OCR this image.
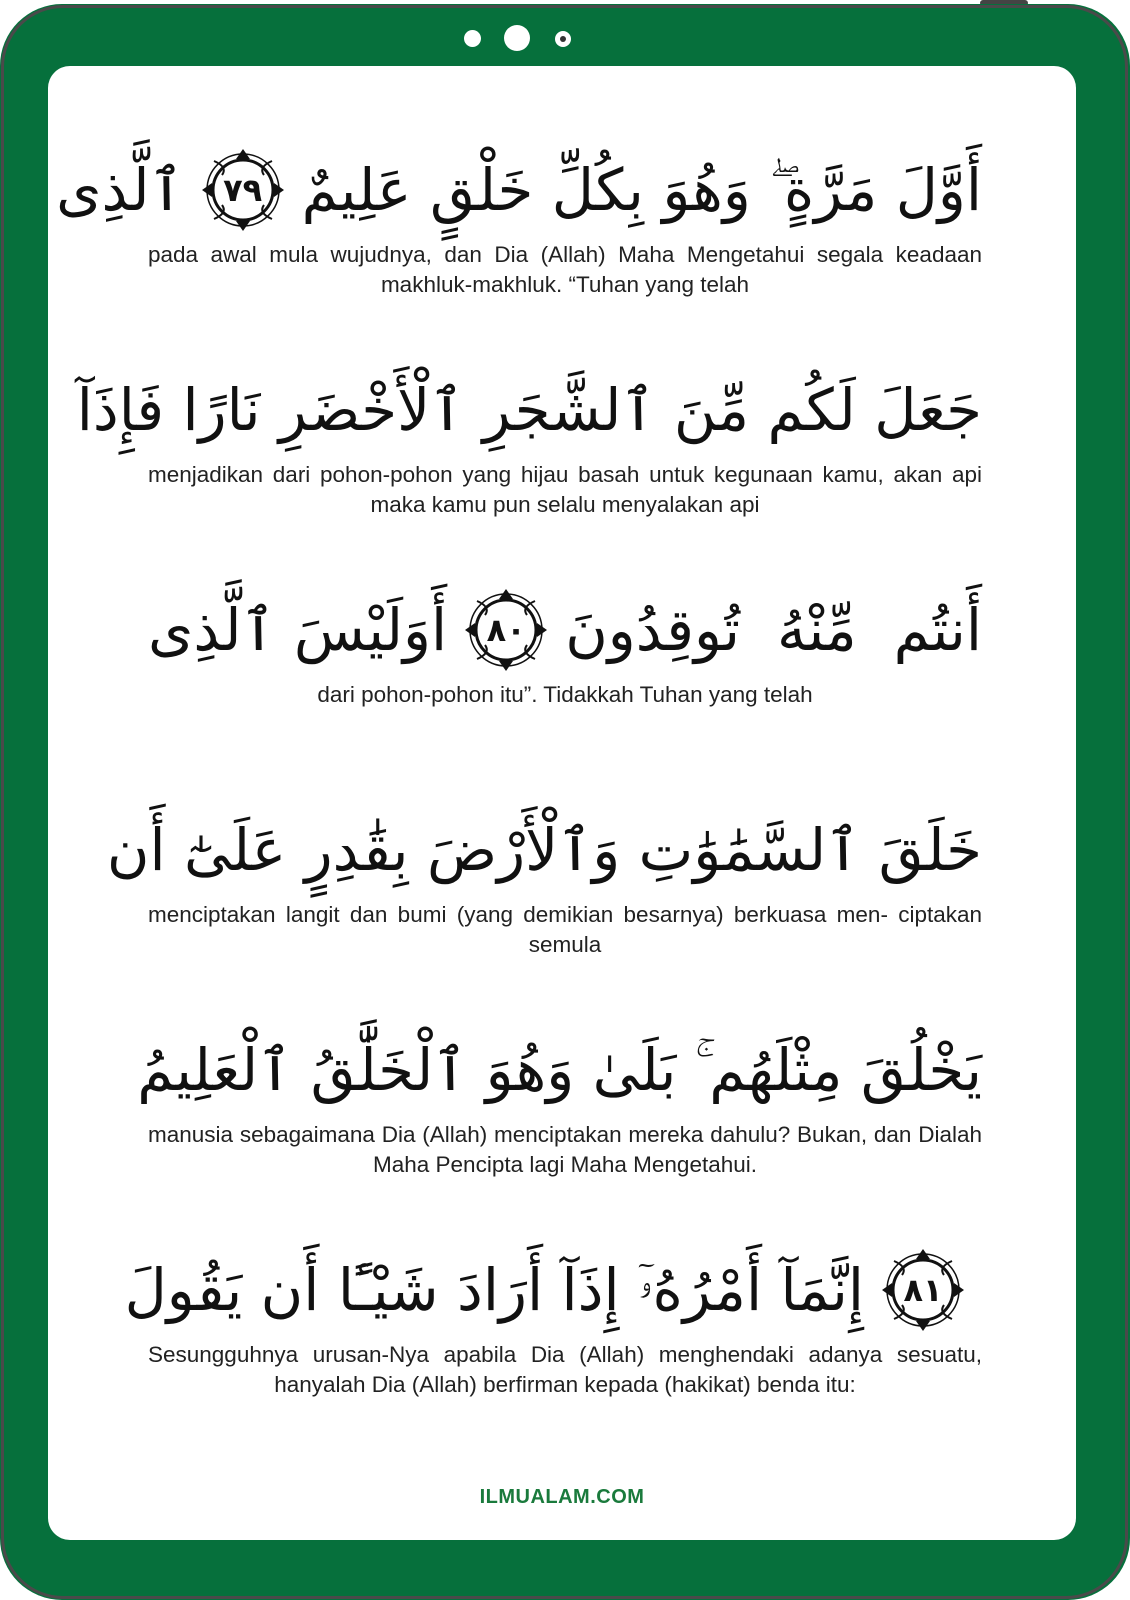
أَوَّلَ مَرَّةٍ ۖ وَهُوَ بِكُلِّ خَلْقٍ عَلِيمٌ
٧٩
ٱلَّذِى
pada awal mula wujudnya, dan Dia (Allah) Maha Mengetahui segala keadaan makhluk-makhluk. “Tuhan yang telah
جَعَلَ لَكُم مِّنَ ٱلشَّجَرِ ٱلْأَخْضَرِ نَارًا فَإِذَآ
menjadikan dari pohon-pohon yang hijau basah untuk kegunaan kamu, akan api maka kamu pun selalu menyalakan api
أَنتُم مِّنْهُ تُوقِدُونَ
٨٠
أَوَلَيْسَ ٱلَّذِى
dari pohon-pohon itu”. Tidakkah Tuhan yang telah
خَلَقَ ٱلسَّمَٰوَٰتِ وَٱلْأَرْضَ بِقَٰدِرٍ عَلَىٰٓ أَن
menciptakan langit dan bumi (yang demikian besarnya) berkuasa men- ciptakan semula
يَخْلُقَ مِثْلَهُم ۚ بَلَىٰ وَهُوَ ٱلْخَلَّٰقُ ٱلْعَلِيمُ
manusia sebagaimana Dia (Allah) menciptakan mereka dahulu? Bukan, dan Dialah Maha Pencipta lagi Maha Mengetahui.
٨١
إِنَّمَآ أَمْرُهُۥٓ إِذَآ أَرَادَ شَيْـًٔا أَن يَقُولَ
Sesungguhnya urusan-Nya apabila Dia (Allah) menghendaki adanya sesuatu, hanyalah Dia (Allah) berfirman kepada (hakikat) benda itu:
ILMUALAM.COM
